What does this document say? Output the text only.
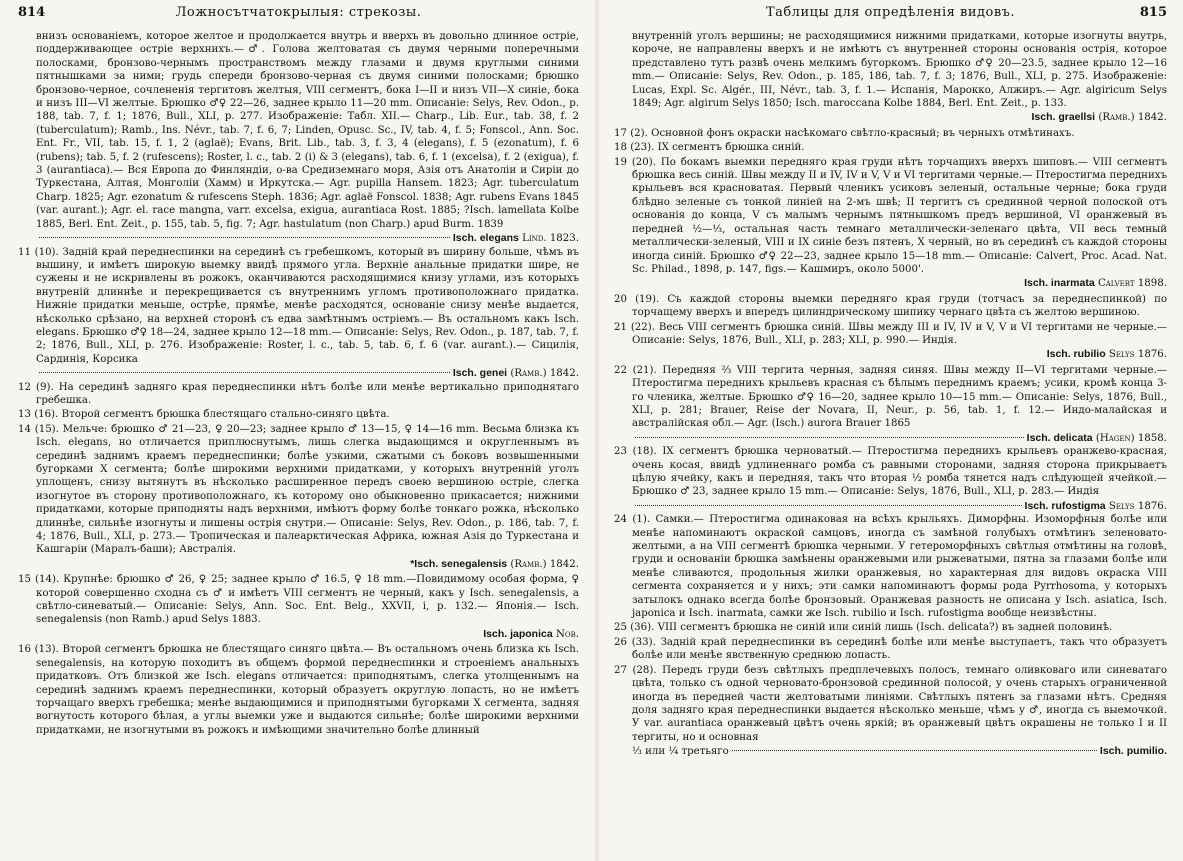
814	Ложносътчатокрылыя: стрекозы.

внизъ основаніемъ, которое желтое и продолжается внутрь и вверхъ въ довольно длинное острiе, поддерживающее острiе верхнихъ.—♂. Голова желтоватая съ двумя черными поперечными полосками, бронзово-чернымъ пространствомъ между глазами и двумя круглыми синими пятнышками за ними; грудь спереди бронзово-черная съ двумя синими полосками; брюшко бронзово-черное, сочлененія тергитовъ желтыя, VIII сегментъ, бока I—II и низъ VII—X синіе, бока и низъ III—VI желтые. Брюшко ♂♀ 22—26, заднее крыло 11—20 mm. Описаніе: Selys, Rev. Odon., p. 188, tab. 7, f. 1; 1876, Bull., XLI, p. 277. Изображеніе: Табл. XII.— Charp., Lib. Eur., tab. 38, f. 2 (tuberculatum); Ramb., Ins. Névr., tab. 7, f. 6, 7; Linden, Opusc. Sc., IV, tab. 4, f. 5; Fonscol., Ann. Soc. Ent. Fr., VII, tab. 15, f. 1, 2 (aglaë); Evans, Brit. Lib., tab. 3, f. 3, 4 (elegans), f. 5 (ezonatum), f. 6 (rubens); tab. 5, f. 2 (rufescens); Roster, l. c., tab. 2 (i) & 3 (elegans), tab. 6, f. 1 (excelsa), f. 2 (exigua), f. 3 (aurantiaca).— Вся Европа до Финляндіи, о-ва Средиземнаго моря, Азія отъ Анатоліи и Сиріи до Туркестана, Алтая, Монголіи (Хамм) и Иркутска.— Agr. pupilla Hansem. 1823; Agr. tuberculatum Charp. 1825; Agr. ezonatum & rufescens Steph. 1836; Agr. aglaë Fonscol. 1838; Agr. rubens Evans 1845 (var. aurant.); Agr. el. race mangna, varr. excelsa, exigua, aurantiaca Rost. 1885; ?Isch. lamellata Kolbe 1885, Berl. Ent. Zeit., p. 155, tab. 5, fig. 7; Agr. hastulatum (non Charp.) apud Burm. 1839

Isch. elegans
Lind. 1823.

11 (10). Задній край переднеспинки на серединѣ съ гребешкомъ, который въ ширину больше, чѣмъ въ вышину, и имѣетъ широкую выемку ввидѣ прямого угла. Верхніе анальные придатки шире, не сужены и не искривлены въ рожокъ, оканчиваются расходящимися книзу углами, изъ которыхъ внутреній длиннѣе и перекрещивается съ внутреннимъ угломъ противоположнаго придатка. Нижніе придатки меньше, острѣе, прямѣе, менѣе расходятся, основаніе снизу менѣе выдается, нѣсколько срѣзано, на верхней сторонѣ съ едва замѣтнымъ остріемъ.— Въ остальномъ какъ Isch. elegans. Брюшко ♂♀ 18—24, заднее крыло 12—18 mm.— Описаніе: Selys, Rev. Odon., p. 187, tab. 7, f. 2; 1876, Bull., XLI, p. 276. Изображеніе: Roster, l. c., tab. 5, tab. 6, f. 6 (var. aurant.).— Сицилія, Сардинія, Корсика

Isch. genei
(Ramb.) 1842.

12 (9). На серединѣ задняго края переднеспинки нѣтъ болѣе или менѣе вертикально приподнятаго гребешка.

13 (16). Второй сегментъ брюшка блестящаго стально-синяго цвѣта.

14 (15). Мельче: брюшко ♂ 21—23, ♀ 20—23; заднее крыло ♂ 13—15, ♀ 14—16 mm. Весьма близка къ Isch. elegans, но отличается приплюснутымъ, лишь слегка выдающимся и округленнымъ въ серединѣ заднимъ краемъ переднеспинки; болѣе узкими, сжатыми съ боковъ возвышенными бугорками X сегмента; болѣе широкими верхними придатками, у которыхъ внутренній уголъ уплощенъ, снизу вытянутъ въ нѣсколько расширенное передъ своею вершиною остріе, слегка изогнутое въ сторону противоположнаго, къ которому оно обыкновенно прикасается; нижними придатками, которые приподняты надъ верхними, имѣютъ форму болѣе тонкаго рожка, нѣсколько длиннѣе, сильнѣе изогнуты и лишены острія снутри.— Описаніе: Selys, Rev. Odon., p. 186, tab. 7, f. 4; 1876, Bull., XLI, p. 273.— Тропическая и палеарктическая Африка, южная Азія до Туркестана и Кашгаріи (Маралъ-баши); Австралія.

*Isch. senegalensis (Ramb.) 1842.

15 (14). Крупнѣе: брюшко ♂ 26, ♀ 25; заднее крыло ♂ 16.5, ♀ 18 mm.—Повидимому особая форма, ♀ которой совершенно сходна съ ♂ и имѣетъ VIII сегментъ не черный, какъ у Isch. senegalensis, а свѣтло-синеватый.— Описаніе: Selys, Ann. Soc. Ent. Belg., XXVII, i, p. 132.— Японія.— Isch. senegalensis (non Ramb.) apud Selys 1883.

Isch. japonica Nob.

16 (13). Второй сегментъ брюшка не блестящаго синяго цвѣта.— Въ остальномъ очень близка къ Isch. senegalensis, на которую походитъ въ общемъ формой переднеспинки и строеніемъ анальныхъ придатковъ. Отъ близкой же Isch. elegans отличается: приподнятымъ, слегка утолщеннымъ на серединѣ заднимъ краемъ переднеспинки, который образуетъ округлую лопасть, но не имѣетъ торчащаго вверхъ гребешка; менѣе выдающимися и приподнятыми бугорками X сегмента, задняя вогнутость которого бѣлая, а углы выемки уже и выдаются сильнѣе; болѣе широкими верхними придатками, не изогнутыми въ рожокъ и имѣющими значительно болѣе длинный

Таблицы для опредѣленія видовъ.	815

внутренній уголъ вершины; не расходящимися нижними придатками, которые изогнуты внутрь, короче, не направлены вверхъ и не имѣютъ съ внутренней стороны основанія острія, которое представлено тутъ развѣ очень мелкимъ бугоркомъ. Брюшко ♂♀ 20—23.5, заднее крыло 12—16 mm.— Описаніе: Selys, Rev. Odon., p. 185, 186, tab. 7, f. 3; 1876, Bull., XLI, p. 275. Изображеніе: Lucas, Expl. Sc. Algér., III, Névr., tab. 3, f. 1.— Испанія, Марокко, Алжиръ.— Agr. algiricum Selys 1849; Agr. algirum Selys 1850; Isch. maroccana Kolbe 1884, Berl. Ent. Zeit., p. 133.

Isch. graellsi (Ramb.) 1842.

17 (2). Основной фонъ окраски насѣкомаго свѣтло-красный; въ черныхъ отмѣтинахъ.

18 (23). IX сегментъ брюшка синій.

19 (20). По бокамъ выемки передняго края груди нѣтъ торчащихъ вверхъ шиповъ.— VIII сегментъ брюшка весь синій. Швы между II и IV, IV и V, V и VI тергитами черные.— Птеростигма переднихъ крыльевъ вся красноватая. Первый членикъ усиковъ зеленый, остальные черные; бока груди блѣдно зеленые съ тонкой линіей на 2-мъ швѣ; II тергитъ съ срединной черной полоской отъ основанія до конца, V съ малымъ чернымъ пятнышкомъ предъ вершиной, VI оранжевый въ передней ½—⅓, остальная часть темнаго металлически-зеленаго цвѣта, VII весь темный металлически-зеленый, VIII и IX синіе безъ пятенъ, X черный, но въ серединѣ съ каждой стороны иногда синій. Брюшко ♂♀ 22—23, заднее крыло 15—18 mm.— Описаніе: Calvert, Proc. Acad. Nat. Sc. Philad., 1898, p. 147, figs.— Кашмиръ, около 5000'.

Isch. inarmata Calvert 1898.

20 (19). Съ каждой стороны выемки передняго края груди (тотчасъ за переднеспинкой) по торчащему вверхъ и впередъ цилиндрическому шипику чернаго цвѣта съ желтою вершиною.

21 (22). Весь VIII сегментъ брюшка синій. Швы между III и IV, IV и V, V и VI тергитами не черные.— Описаніе: Selys, 1876, Bull., XLI, p. 283; XLI, p. 990.— Индія.

Isch. rubilio Selys 1876.

22 (21). Передняя ⅔ VIII тергита черныя, задняя синяя. Швы между II—VI тергитами черные.— Птеростигма переднихъ крыльевъ красная съ бѣлымъ переднимъ краемъ; усики, кромѣ конца 3-го членика, желтые. Брюшко ♂♀ 16—20, заднее крыло 10—15 mm.— Описаніе: Selys, 1876, Bull., XLI, p. 281; Brauer, Reise der Novara, II, Neur., p. 56, tab. 1, f. 12.— Индо-малайская и австралійская обл.— Agr. (Isch.) aurora Brauer 1865

Isch. delicata
(Hagen) 1858.

23 (18). IX сегментъ брюшка черноватый.— Птеростигма переднихъ крыльевъ оранжево-красная, очень косая, ввидѣ удлиненнаго ромба съ равными сторонами, задняя сторона прикрываетъ цѣлую ячейку, какъ и передняя, такъ что вторая ½ ромба тянется надъ слѣдующей ячейкой.— Брюшко ♂ 23, заднее крыло 15 mm.— Описаніе: Selys, 1876, Bull., XLI, p. 283.— Индія

Isch. rufostigma
Selys 1876.

24 (1). Самки.— Птеростигма одинаковая на всѣхъ крыльяхъ. Диморфны. Изоморфныя болѣе или менѣе напоминаютъ окраской самцовъ, иногда съ замѣной голубыхъ отмѣтинъ зеленовато-желтыми, а на VIII сегментѣ брюшка черными. У гетероморфныхъ свѣтлыя отмѣтины на головѣ, груди и основаніи брюшка замѣнены оранжевыми или рыжеватыми, пятна за глазами болѣе или менѣе сливаются, продольныя жилки оранжевыя, но характерная для видовъ окраска VIII сегмента сохраняется и у нихъ; эти самки напоминаютъ формы рода Pyrrhosoma, у которыхъ затылокъ однако всегда болѣе бронзовый. Оранжевая разность не описана у Isch. asiatica, Isch. japonica и Isch. inarmata, самки же Isch. rubilio и Isch. rufostigma вообще неизвѣстны.

25 (36). VIII сегментъ брюшка не синій или синій лишь (Isch. delicata?) въ задней половинѣ.

26 (33). Задній край переднеспинки въ серединѣ болѣе или менѣе выступаетъ, такъ что образуетъ болѣе или менѣе явственную среднюю лопасть.

27 (28). Передъ груди безъ свѣтлыхъ предплечевыхъ полосъ, темнаго оливковаго или синеватаго цвѣта, только съ одной черновато-бронзовой срединной полосой, у очень старыхъ ограниченной иногда въ передней части желтоватыми линіями. Свѣтлыхъ пятенъ за глазами нѣтъ. Средняя доля задняго края переднеспинки выдается нѣсколько меньше, чѣмъ у ♂, иногда съ выемочкой. У var. aurantiaca оранжевый цвѣтъ очень яркій; въ оранжевый цвѣтъ окрашены не только I и II тергиты, но и основная

⅓ или ¼ третьяго	Isch. pumilio.
